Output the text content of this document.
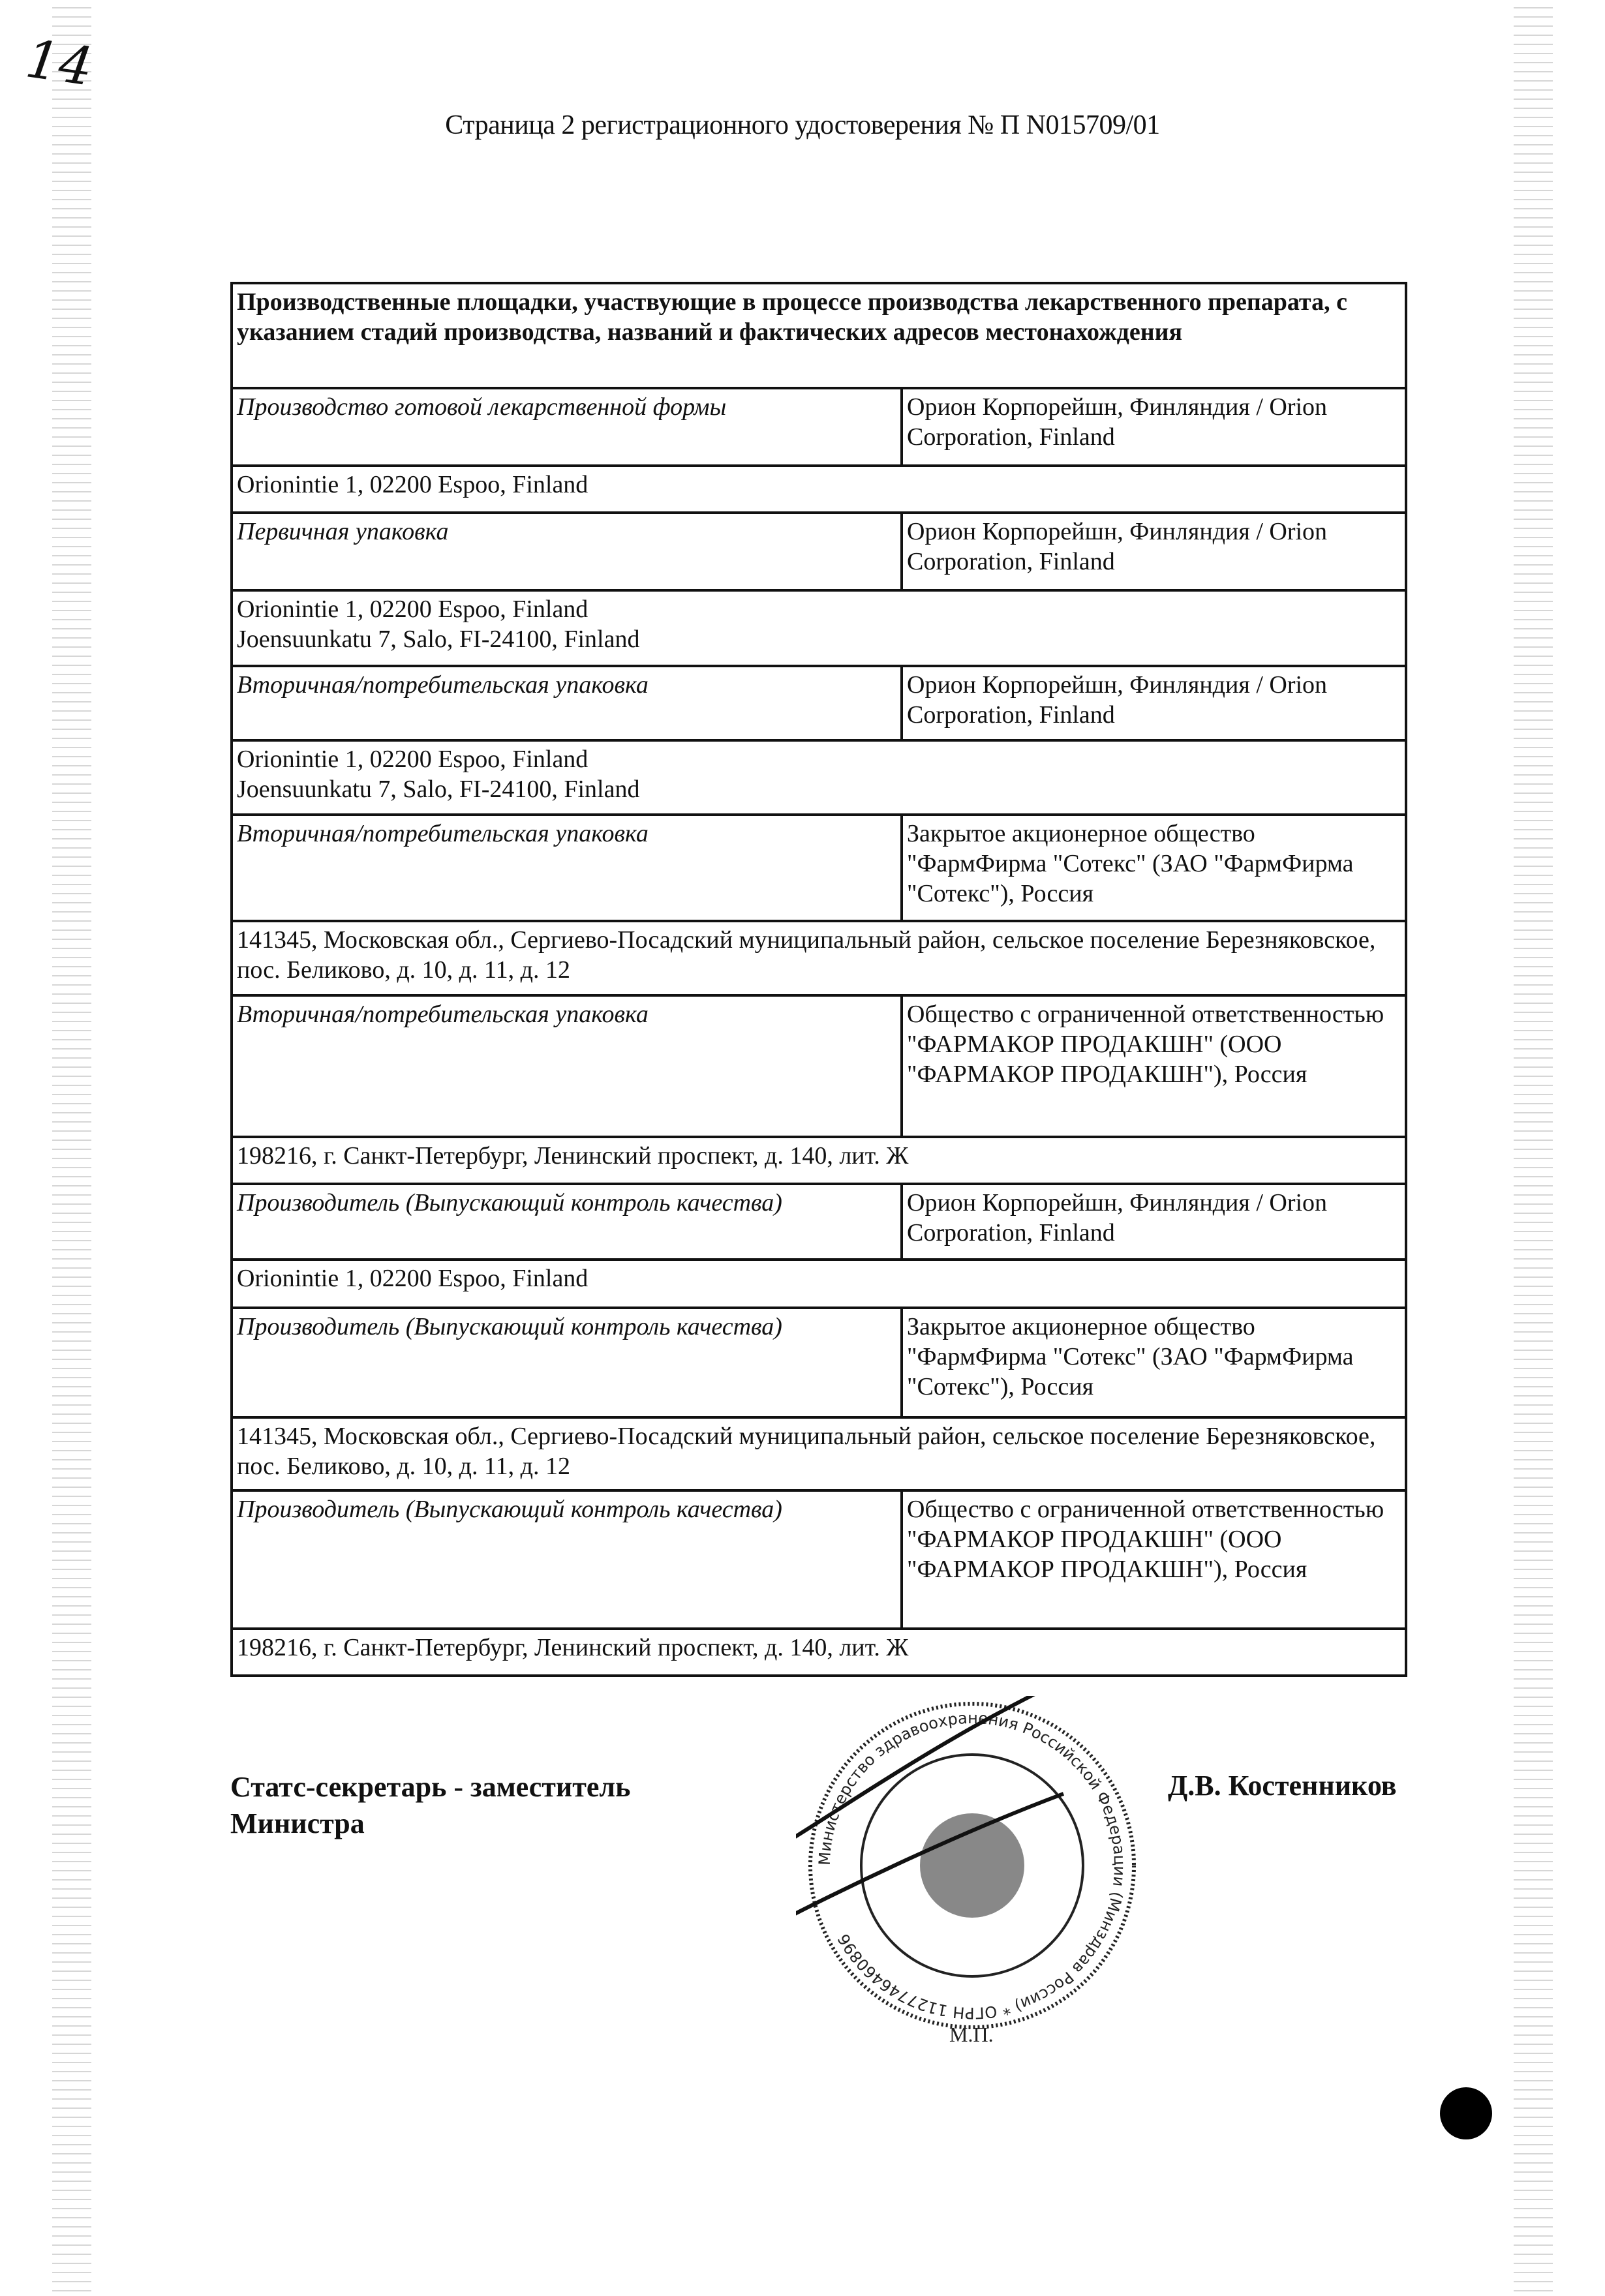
14
Страница 2 регистрационного удостоверения № П N015709/01
Производственные площадки, участвующие в процессе производства лекарственного препарата, с указанием стадий производства, названий и фактических адресов местонахождения	
Производство готовой лекарственной формы	Орион Корпорейшн, Финляндия / Orion Corporation, Finland

Orionintie 1, 02200 Espoo, Finland	

Первичная упаковка	Орион Корпорейшн, Финляндия / Orion Corporation, Finland

Orionintie 1, 02200 Espoo, Finland
Joensuunkatu 7, Salo, FI-24100, Finland	

Вторичная/потребительская упаковка	Орион Корпорейшн, Финляндия / Orion Corporation, Finland

Orionintie 1, 02200 Espoo, Finland
Joensuunkatu 7, Salo, FI-24100, Finland	

Вторичная/потребительская упаковка	Закрытое акционерное общество "ФармФирма "Сотекс" (ЗАО "ФармФирма "Сотекс"), Россия

141345, Московская обл., Сергиево-Посадский муниципальный район, сельское поселение Березняковское, пос. Беликово, д. 10, д. 11, д. 12	

Вторичная/потребительская упаковка	Общество с ограниченной ответственностью "ФАРМАКОР ПРОДАКШН" (ООО "ФАРМАКОР ПРОДАКШН"), Россия

198216, г. Санкт-Петербург, Ленинский проспект, д. 140, лит. Ж	

Производитель (Выпускающий контроль качества)	Орион Корпорейшн, Финляндия / Orion Corporation, Finland

Orionintie 1, 02200 Espoo, Finland	

Производитель (Выпускающий контроль качества)	Закрытое акционерное общество "ФармФирма "Сотекс" (ЗАО "ФармФирма "Сотекс"), Россия

141345, Московская обл., Сергиево-Посадский муниципальный район, сельское поселение Березняковское, пос. Беликово, д. 10, д. 11, д. 12	

Производитель (Выпускающий контроль качества)	Общество с ограниченной ответственностью "ФАРМАКОР ПРОДАКШН" (ООО "ФАРМАКОР ПРОДАКШН"), Россия

198216, г. Санкт-Петербург, Ленинский проспект, д. 140, лит. Ж	
Статс-секретарь - заместитель
Министра
Д.В. Костенников
Министерство здравоохранения Российской Федерации (Минздрав России) * ОГРН 1127746460896
М.П.
